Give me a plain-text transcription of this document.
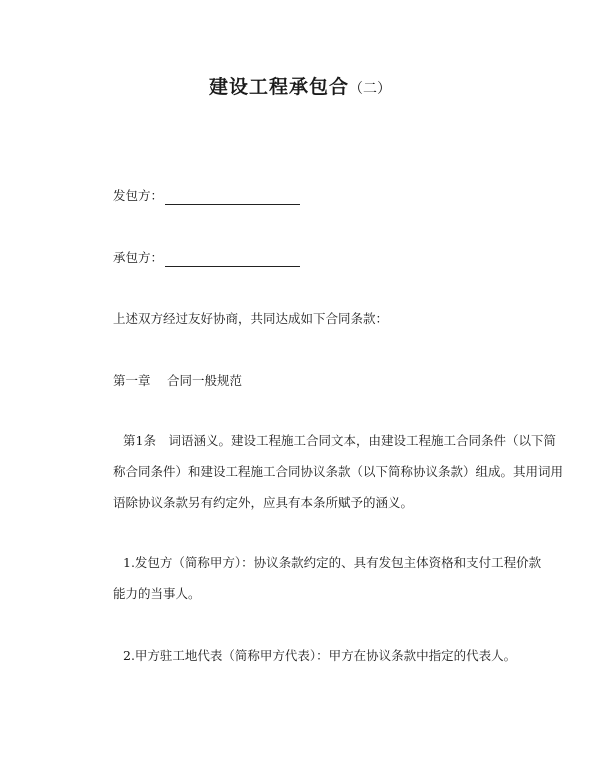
建设工程承包合（二）
发包方：
承包方：
上述双方经过友好协商，共同达成如下合同条款：
第一章　 合同一般规范
第1条　词语涵义。建设工程施工合同文本，由建设工程施工合同条件（以下简
称合同条件）和建设工程施工合同协议条款（以下简称协议条款）组成。其用词用
语除协议条款另有约定外，应具有本条所赋予的涵义。
1.发包方（简称甲方）：协议条款约定的、具有发包主体资格和支付工程价款
能力的当事人。
2.甲方驻工地代表（简称甲方代表）：甲方在协议条款中指定的代表人。
